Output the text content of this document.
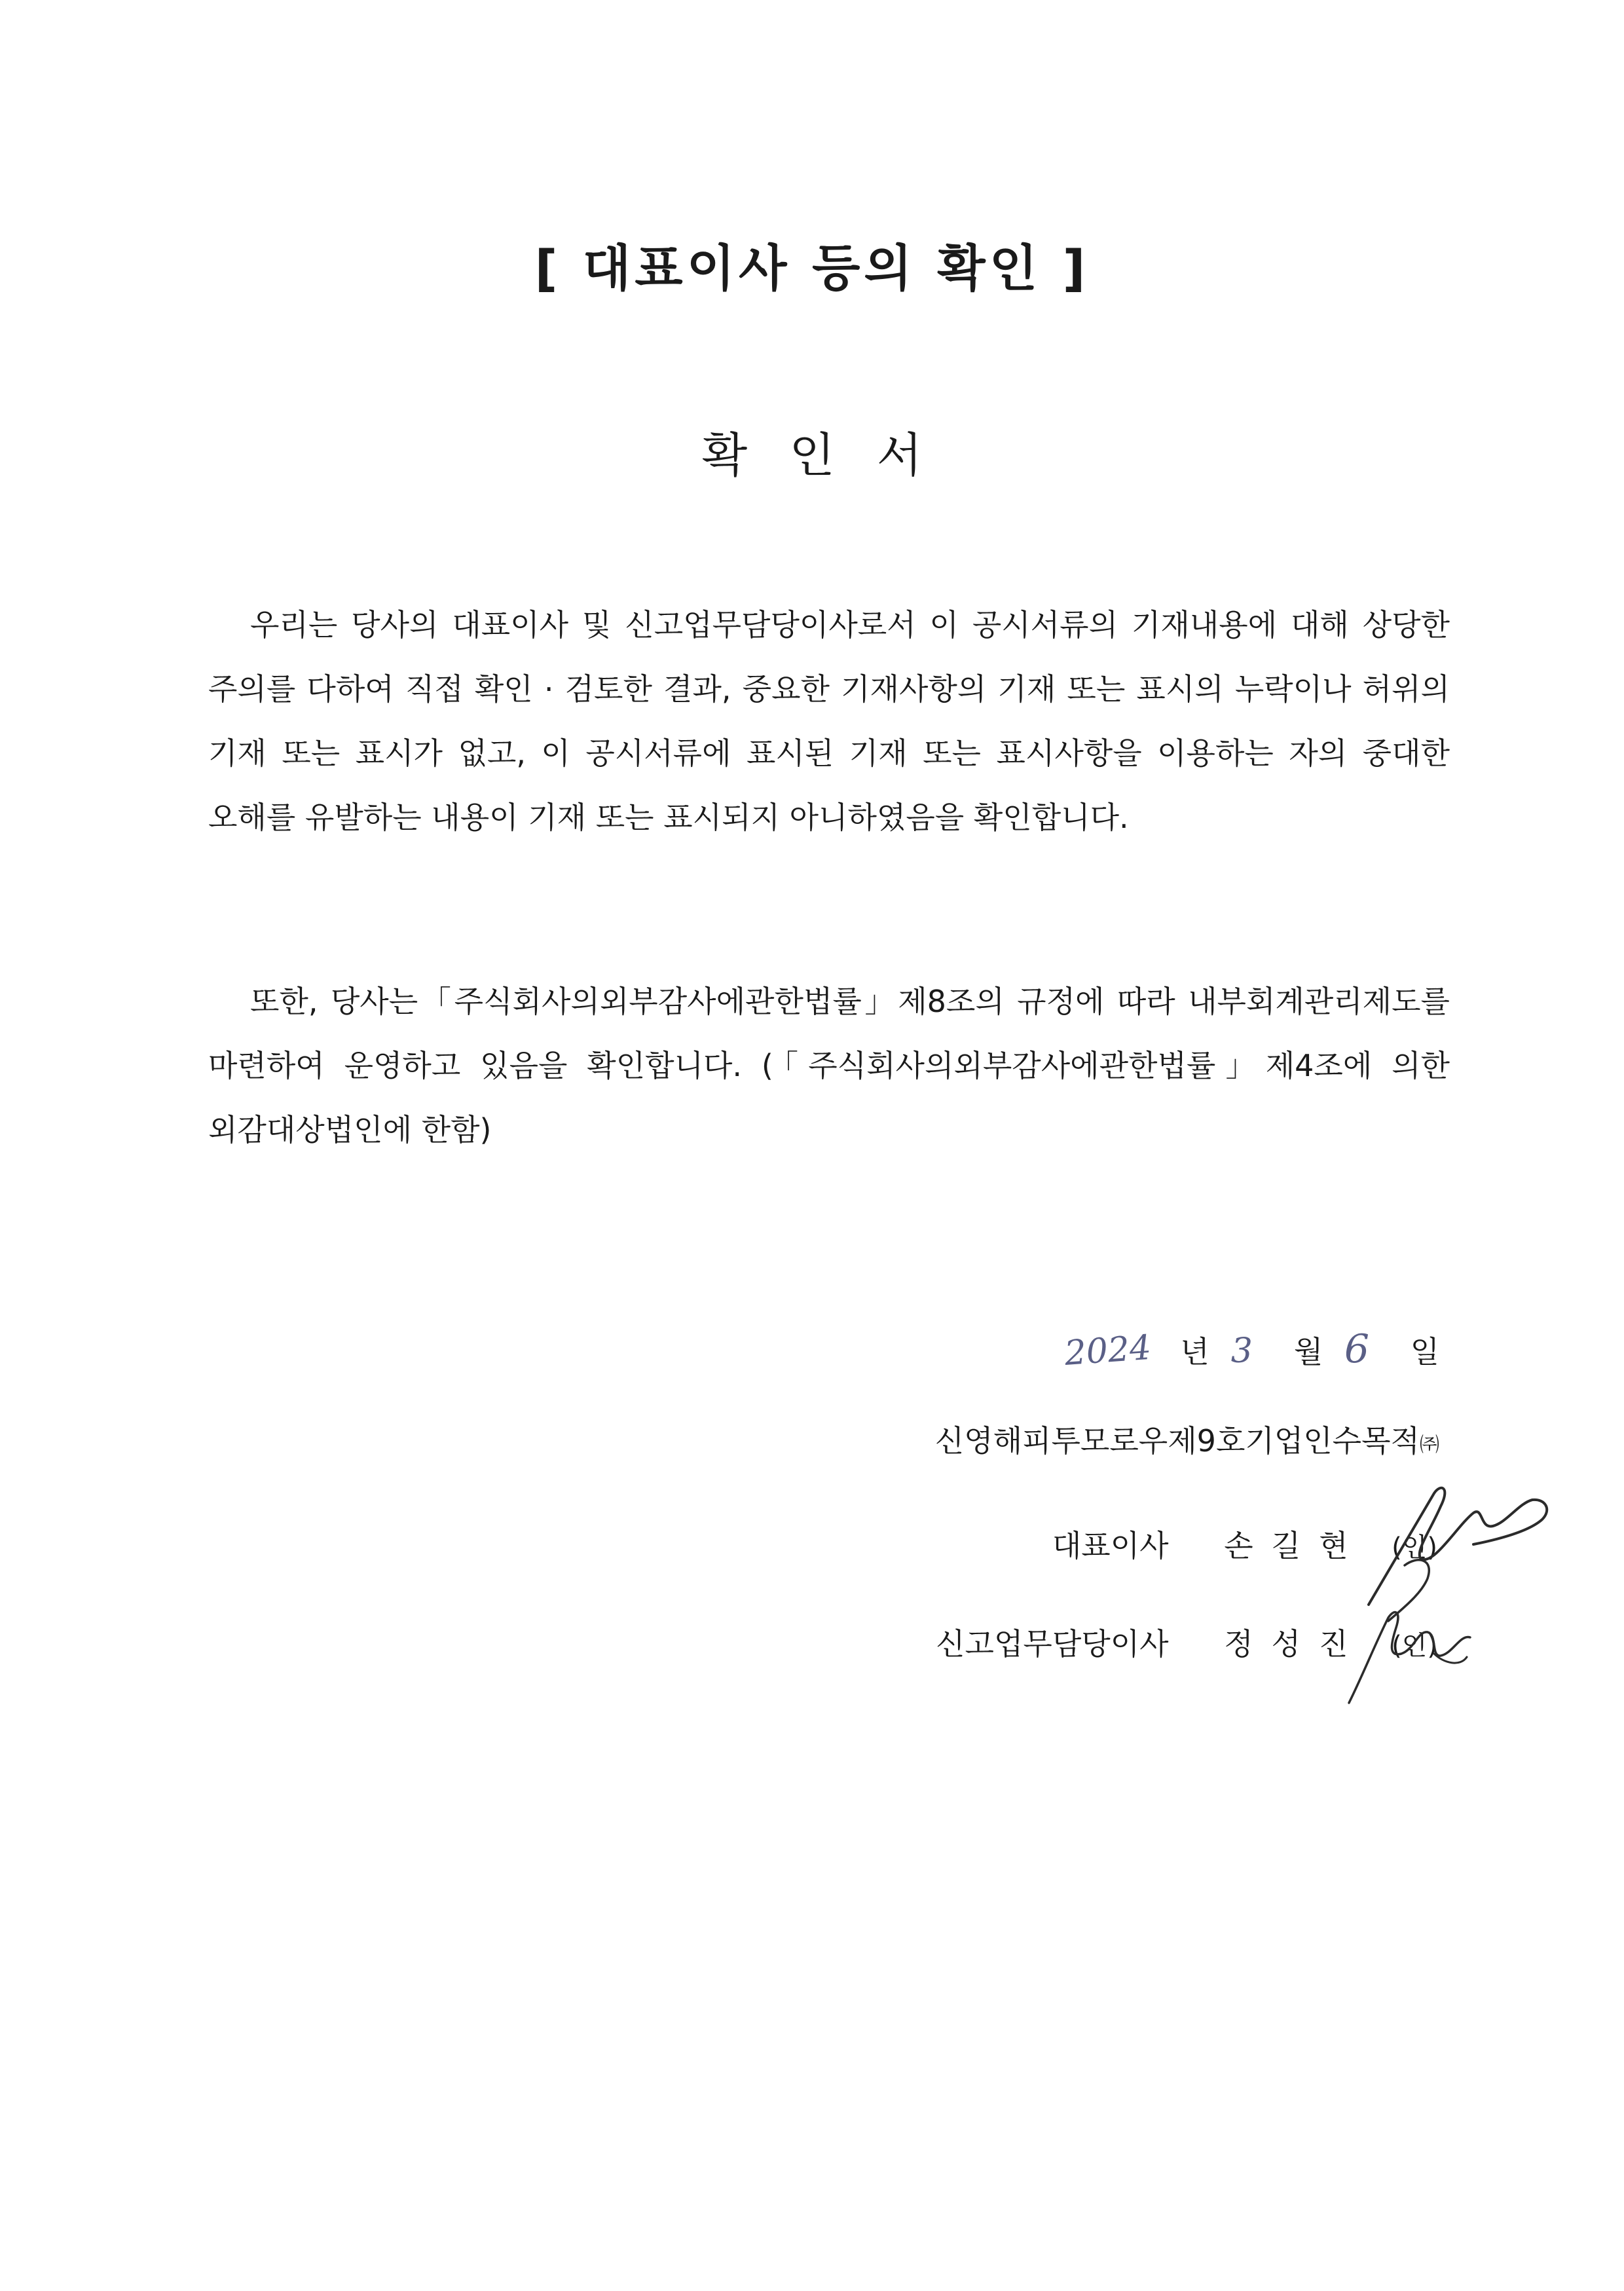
[ 대표이사 등의 확인 ]
확인서

우리는 당사의 대표이사 및 신고업무담당이사로서 이 공시서류의 기재내용에 대해 상당한 주의를 다하여 직접 확인 · 검토한 결과, 중요한 기재사항의 기재 또는 표시의 누락이나 허위의 기재 또는 표시가 없고, 이 공시서류에 표시된 기재 또는 표시사항을 이용하는 자의 중대한 오해를 유발하는 내용이 기재 또는 표시되지 아니하였음을 확인합니다.

또한, 당사는「주식회사의외부감사에관한법률」제8조의 규정에 따라 내부회계관리제도를 마련하여 운영하고 있음을 확인합니다. (「주식회사의외부감사에관한법률」제4조에 의한 외감대상법인에 한함)

2024 년 3 월 6 일
신영해피투모로우제9호기업인수목적㈜
대표이사 손길현 (인)
신고업무담당이사 정성진 (인)
